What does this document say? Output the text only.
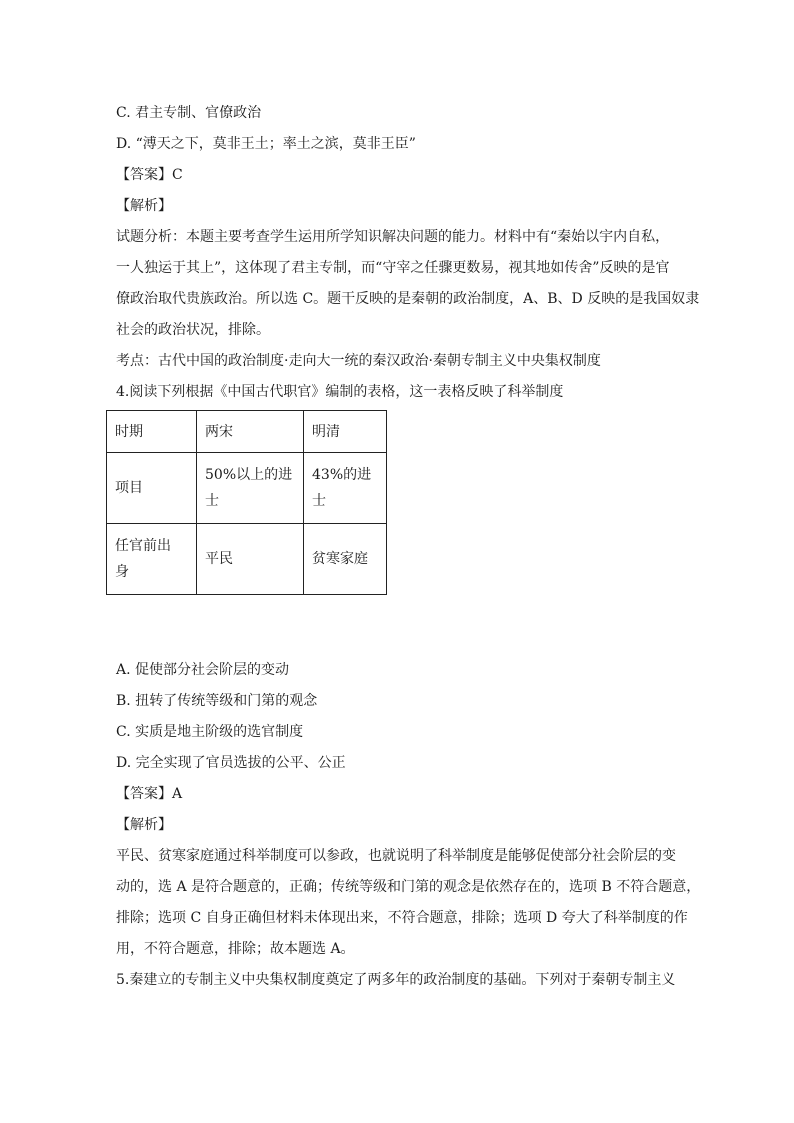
C. 君主专制、官僚政治
D. “溥天之下，莫非王土；率土之滨，莫非王臣”
【答案】C
【解析】
试题分析：本题主要考查学生运用所学知识解决问题的能力。材料中有“秦始以宇内自私，
一人独运于其上”，这体现了君主专制，而“守宰之任骤更数易，视其地如传舍”反映的是官
僚政治取代贵族政治。所以选 C。题干反映的是秦朝的政治制度，A、B、D 反映的是我国奴隶
社会的政治状况，排除。
考点：古代中国的政治制度·走向大一统的秦汉政治·秦朝专制主义中央集权制度
4.阅读下列根据《中国古代职官》编制的表格，这一表格反映了科举制度
时期	两宋	明清
项目	50%以上的进士	43%的进
士
任官前出
身	平民	贫寒家庭
A. 促使部分社会阶层的变动
B. 扭转了传统等级和门第的观念
C. 实质是地主阶级的选官制度
D. 完全实现了官员选拔的公平、公正
【答案】A
【解析】
平民、贫寒家庭通过科举制度可以参政，也就说明了科举制度是能够促使部分社会阶层的变
动的，选 A 是符合题意的，正确；传统等级和门第的观念是依然存在的，选项 B 不符合题意，
排除；选项 C 自身正确但材料未体现出来，不符合题意，排除；选项 D 夸大了科举制度的作
用，不符合题意，排除；故本题选 A。
5.秦建立的专制主义中央集权制度奠定了两多年的政治制度的基础。下列对于秦朝专制主义
